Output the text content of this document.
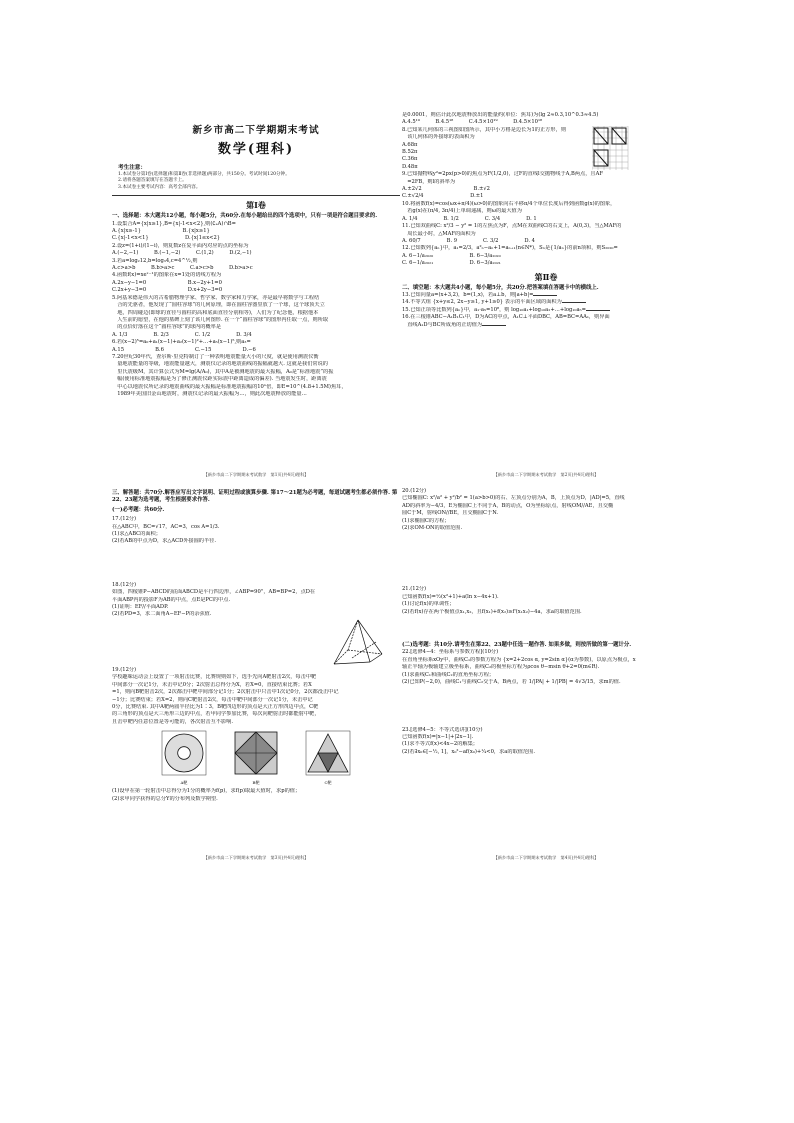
新乡市高二下学期期末考试

数学(理科)

考生注意：

1.本试卷分第Ⅰ卷(选择题)和第Ⅱ卷(非选择题)两部分，共150分。考试时间120分钟。

2.请将各题答案填写在答题卡上。

3.本试卷主要考试内容：高考全部内容。

第Ⅰ卷

一、选择题：本大题共12小题，每小题5分，共60分.在每小题给出的四个选项中，只有一项是符合题目要求的.

1.设集合A={x|x≥1},B={x|-1<x<2},则(∁ₐA)∩B=

A.{x|x≥-1}　　　　　　　　B.{x|x≥1}

C.{x|-1<x<1}　　　　　　　D.{x|1≤x<2}

2.设z=(1+i)/(1−i)，则复数z在复平面内对应的点的坐标为

A.(−2,−1)　　　B.(−1,−2)　　　C.(1,2)　　　D.(2,−1)

3.若a=log₂12,b=log₃4,c=4^½,则

A.c>a>b　　　B.b>a>c　　　C.a>c>b　　　D.b>a>c

4.函数f(x)=xeˣ⁻¹的图象在x=1处的切线方程为

A.2x−y−1=0　　　　　　　　B.x−2y+1=0

C.2x+y−3=0　　　　　　　　D.x+2y−3=0

5.阿基米德是伟大的古希腊物理学家、哲学家、数学家和力学家，亦是最早将数学与工程结

　合的先驱者，他发现了“圆柱容球”的几何原理，即在圆柱容器里放了一个球，这个球顶天立

　地，四周碰边(即球的直径与圆柱的高和底面直径分别相等)，人们为了纪念他，根据他本

　人生前的愿望，在他的墓碑上刻了该几何图形. 在一个“圆柱容球”的图形内任取一点，则所取

　的点恰好落在这个“圆柱容球”的球内的概率是

A. 1/3　　　　　B. 2/3　　　　　C. 1/2　　　　　D. 3/4

6.若(x−2)⁵=a₀+a₁(x−1)+a₂(x−1)²+…+a₅(x−1)⁵,则a₃=

A.15　　　　　　B.6　　　　　　C.−15　　　　　　D.−6

7.20世纪30年代，查尔斯·里克特制订了一种表明地震能量大小的尺度，就是使用测震仪衡

　量地震能量的等级，地震能量越大，测震仪记录的地震曲线的振幅就越大. 这就是我们常说的

　里氏震级M，其计算公式为M=lg(A/A₀)，其中A是被测地震的最大振幅，A₀是“标准地震”的振

　幅(使用标准地震振幅是为了修正测震仪距实际震中距离造成的偏差). 当地震发生时，距离震

　中心以地震仪所记录的地震曲线的最大振幅是标准地震振幅的10ⁿ倍，即E=10^(4.8+1.5M)焦耳，

　1989年美国旧金山地震时，测震仪记录的最大振幅为…，则此次地震释放的能量…

【新乡市高二下学期期末考试数学　第1页(共4页)理科】

是0.0001，则估计此次地震释放出的能量约(单位：焦耳)为(lg 2≈0.3,10^0.3≈4.5)

A.4.5¹⁹　　　B.4.5¹⁸　　　C.4.5×10¹⁹　　　D.4.5×10¹⁸

8.已知某几何体的三视图如图所示，其中小方格是边长为1的正方形，则

　该几何体的外接球的表面积为

A.68π

B.52π

C.36π

D.48π

9.已知抛物线y²=2px(p>0)的焦点为F(1/2,0)，过F的直线l交抛物线于A,B两点，且AF

　=2FB，则l的斜率为

A.±2√2　　　　　　　　　　B.±√2

C.±√2/4　　　　　　　　　D.±1

10.将函数f(x)=cos(ωx+π/4)(ω>0)的图象向右平移π/4个单位长度后得到函数g(x)的图象，

　若g(x)在(π/4, 3π/4)上单调递减，则ω的最大值为

A. 1/4　　　　　B. 1/2　　　　　C. 3/4　　　　　D. 1

11.已知双曲线C: x²/3 − y² = 1的左焦点为F，点M在双曲线C的右支上，A(0,3)，当△MAF的

　周长最小时，△MAF的面积为

A. 60/7　　　　　B. 9　　　　　C. 3/2　　　　　D. 4

12.已知数列{aₙ}中，a₁=2/3，a²ₙ−aₙ+1=aₙ₊₁(n∈N*)，Sₙ是{1/aₙ}的前n项和，则S₂₀₂₀=

A. 6−1/a₂₀₂₀　　　　　　　B. 6−3/a₂₀₂₀

C. 6−1/a₂₀₂₁　　　　　　　D. 6−3/a₂₀₂₁

第Ⅱ卷

二、填空题：本大题共4小题，每小题5分，共20分.把答案填在答题卡中的横线上.

13.已知向量a=(x+3,2)，b=(1,x)，若a⊥b，则|a+b|=

14.不等式组 {x+y≤2, 2x−y≥1, y+1≥0} 表示的平面区域的面积为

15.已知正项等比数列{aₙ}中，a₁·a₅=10⁸，则 log₁₀a₁+log₁₀a₂+…+log₁₀a₅=

16.在三棱锥ABC−A₁B₁C₁中，D为AC的中点，A₁C⊥平面DBC，AB=BC=AA₁，则异面

　直线A₁D与BC所成角的正切值为

【新乡市高二下学期期末考试数学　第2页(共4页)理科】

三、解答题：共70分.解答应写出文字说明、证明过程或演算步骤. 第17～21题为必考题，每道试题考生都必须作答. 第22、23题为选考题，考生根据要求作答.

(一)必考题：共60分.

17.(12分)

在△ABC中，BC=√17，AC=3，cos A=1/3.

(1)求△ABC的面积；

(2)若AB的中点为D，求△ACD外接圆的半径.

18.(12分)

如图，四棱锥P−ABCD的底面ABCD是平行四边形，∠ABP=90°，AB=BP=2，点D在

平面ABP内的投影F为AB的中点，点E是PC的中点.

(1)证明：EF//平面ADP.

(2)若PD=3，求二面角A−EF−P的余弦值.

19.(12分)

学校趣味运动会上设置了一项射击比赛，比赛规则如下，选手先向A靶射击2次，每击中靶

中间部分一次记1分，未击中记0分；2次射击总得分为X，若X=0，直接结束比赛；若X

=1，则向B靶射击2次，2次都击中靶中间部分记1分；2次射击中只击中1次记0分，2次都没击中记

−1分；比赛结束；若X=2，则向C靶射击2次，每击中靶中间部分一次记1分，未击中记

0分，比赛结束. 其中A靶两圆半径比为1∶3，B靶四边形的顶点是大正方形四边中点，C靶

的三角形的顶点是大三角形三边的中点，若甲同学参加比赛，每次向靶射击时都能射中靶，

且击中靶内任意位置是等可能的，各次射击互不影响.

A靶	B靶	C靶

(1)设甲在第一轮射击中总得分为1分的概率为f(p)，求f(p)取最大值时，求p的值；

(2)求甲同学获得的总分Y的分布列及数学期望.

【新乡市高二下学期期末考试数学　第3页(共4页)理科】

20.(12分)

已知椭圆C: x²/a² + y²/b² = 1(a>b>0)的右、左顶点分别为A，B，上顶点为D，|AD|=5，直线

AD的斜率为−4/3，E为椭圆C上不同于A，B的动点，O为坐标原点，射线OM//AE，且交椭

圆C于M，射线ON//BE，且交椭圆C于N.

(1)求椭圆C的方程；

(2)求OM·ON的取值范围.

21.(12分)

已知函数f(x)=½(x²+1)+a(ln x−4x+1).

(1)讨论f(x)的单调性；

(2)若f(x)存在两个极值点x₁,x₂，且f(x₁)+f(x₂)≥f'(x₁x₂)−4a，求a的取值范围.

(二)选考题：共10分.请考生在第22、23题中任选一题作答. 如果多做，则按所做的第一题计分.

22.[选修4−4：坐标系与参数方程](10分)

在直角坐标系xOy中，曲线C₁的参数方程为 {x=2+2cos α, y=2sin α}(α为参数)，以原点为极点，x

轴正半轴为极轴建立极坐标系，曲线C₂的极坐标方程为ρcos θ−msin θ+2=0(m∈R).

(1)求曲线C₁和曲线C₂的直角坐标方程；

(2)已知P(−2,0)，曲线C₁与曲线C₂交于A，B两点，若 1/|PA| + 1/|PB| = 4√3/15，求m的值.

23.[选修4−5：不等式选讲](10分)

已知函数f(x)=|x−1|+|2x−1|.

(1)求不等式f(x)<4x−2的解集；

(2)若∃x₀∈[−½, 1]，x₀²−af(x₀)+¼<0，求a的取值范围.

【新乡市高二下学期期末考试数学　第4页(共4页)理科】
